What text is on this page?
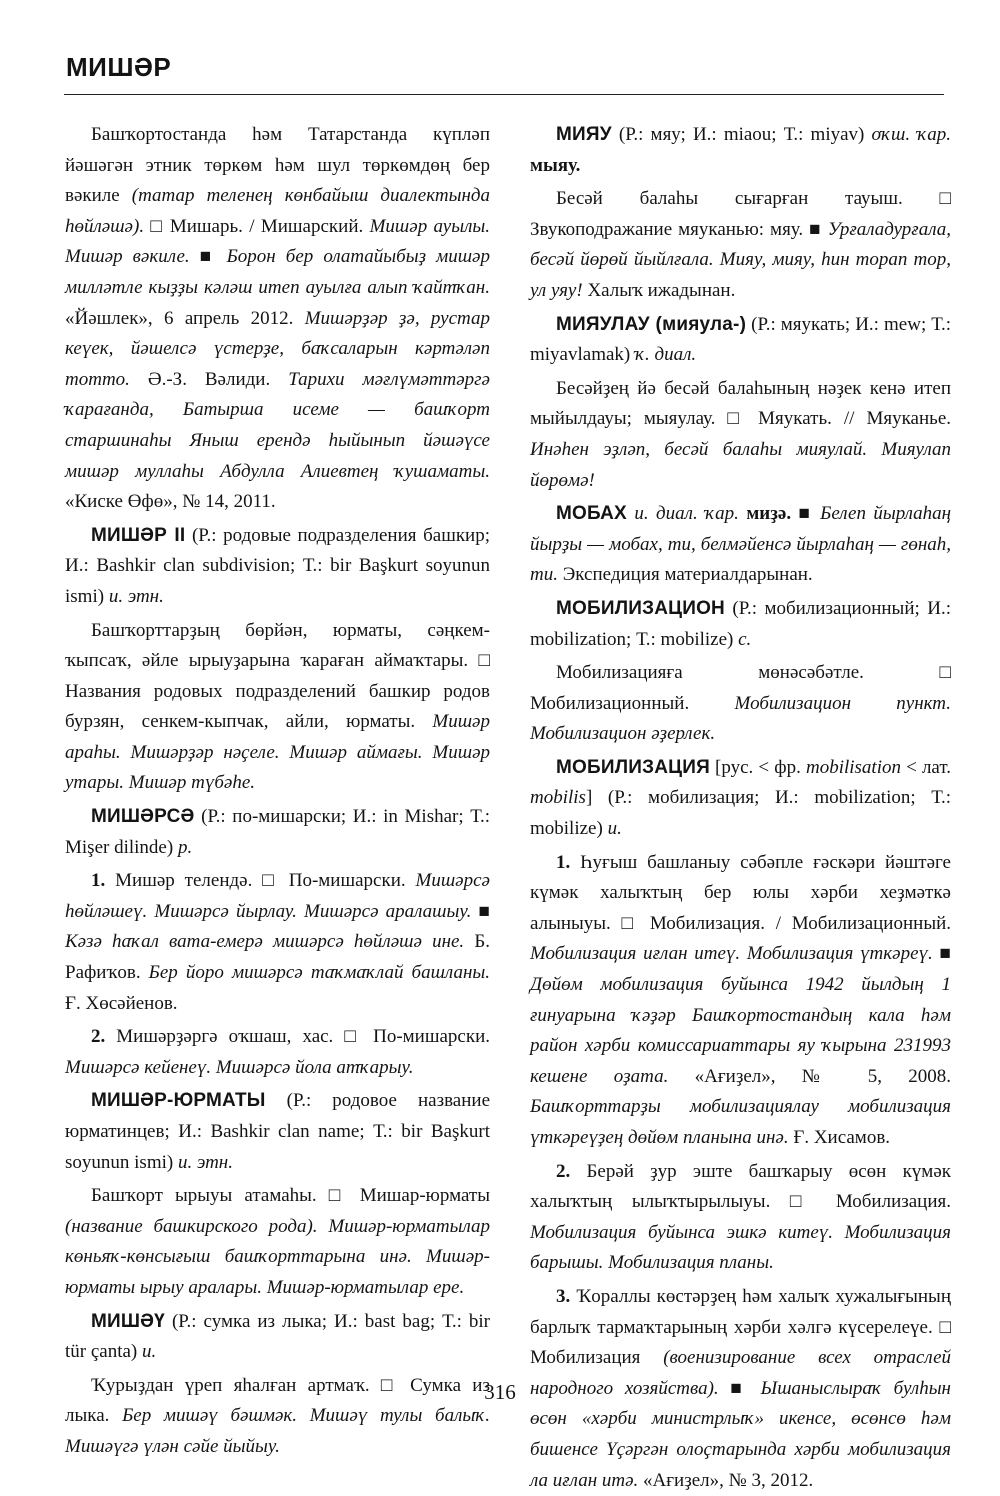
МИШӘР

Башҡортостанда һәм Татарстанда күпләп йәшәгән этник төркөм һәм шул төркөмдөң бер вәкиле (татар теленең көнбайыш диалектында һөйләшә). □ Мишарь. / Мишарский. Мишәр ауылы. Мишәр вәкиле. ■ Борон бер олатайыбыҙ мишәр милләтле кыҙҙы кәләш итеп ауылға алып ҡайтҡан. «Йәшлек», 6 апрель 2012. Мишәрҙәр ҙә, рустар кеүек, йәшелсә үстерҙе, баҡсаларын кәртәләп тотто. Ә.-З. Вәлиди. Тарихи мәғлүмәттәргә ҡарағанда, Батырша исеме — башҡорт старшинаһы Яныш ерендә һыйынып йәшәүсе мишәр муллаһы Абдулла Алиевтең ҡушаматы. «Киске Өфө», № 14, 2011.

МИШӘР II (Р.: родовые подразделения башкир; И.: Bashkir clan subdivision; Т.: bir Başkurt soyunun ismi) и. этн.

Башҡорттарҙың бөрйән, юрматы, сәңкем-ҡыпсаҡ, әйле ырыуҙарына ҡараған аймаҡтары. □ Названия родовых подразделений башкир родов бурзян, сенкем-кыпчак, айли, юрматы. Мишәр араһы. Мишәрҙәр нәҫеле. Мишәр аймағы. Мишәр утары. Мишәр түбәһе.

МИШӘРСӘ (Р.: по-мишарски; И.: in Mishar; Т.: Mişer dilinde) р.

1. Мишәр телендә. □ По-мишарски. Мишәрсә һөйләшеү. Мишәрсә йырлау. Мишәрсә аралашыу. ■ Кәзә һаҡал вата-емерә мишәрсә һөйләшә ине. Б. Рафиҡов. Бер йоро мишәрсә таҡмаҡлай башланы. Ғ. Хөсәйенов.

2. Мишәрҙәргә оҡшаш, хас. □ По-мишарски. Мишәрсә кейенеү. Мишәрсә йола атҡарыу.

МИШӘР-ЮРМАТЫ (Р.: родовое название юрматинцев; И.: Bashkir clan name; Т.: bir Başkurt soyunun ismi) и. этн.

Башҡорт ырыуы атамаһы. □ Мишар-юрматы (название башкирского рода). Мишәр-юрматылар көньяҡ-көнсығыш башҡорттарына инә. Мишәр-юрматы ырыу аралары. Мишәр-юрматылар ере.

МИШӘҮ (Р.: сумка из лыка; И.: bast bag; Т.: bir tür çanta) и.

Ҡурыҙдан үреп яһалған артмаҡ. □ Сумка из лыка. Бер мишәү бәшмәк. Мишәү тулы балыҡ. Мишәүгә үлән сәйе йыйыу.

МИЯУ (Р.: мяу; И.: miaou; Т.: miyav) оҡш. ҡар. мыяу.

Бесәй балаһы сығарған тауыш. □ Звукоподражание мяуканью: мяу. ■ Урғаладурғала, бесәй йөрөй йыйлғала. Мияу, мияу, һин торап тор, ул уяу! Халыҡ ижадынан.

МИЯУЛАУ (мияула-) (Р.: мяукать; И.: mew; Т.: miyavlamak) ҡ. диал.

Бесәйҙең йә бесәй балаһының нәҙек кенә итеп мыйылдауы; мыяулау. □ Мяукать. // Мяуканье. Инәһен эҙләп, бесәй балаһы мияулай. Мияулап йөрөмә!

МОБАХ и. диал. ҡар. миҙә. ■ Белеп йырлаһаң йырҙы — мобах, ти, белмәйенсә йырлаһаң — гөнаһ, ти. Экспедиция материалдарынан.

МОБИЛИЗАЦИОН (Р.: мобилизационный; И.: mobilization; Т.: mobilize) с.

Мобилизацияға мөнәсәбәтле. □ Мобилизационный. Мобилизацион пункт. Мобилизацион әҙерлек.

МОБИЛИЗАЦИЯ [рус. < фр. mobilisation < лат. mobilis] (Р.: мобилизация; И.: mobilization; Т.: mobilize) и.

1. Һуғыш башланыу сәбәпле ғәскәри йәштәге күмәк халыҡтың бер юлы хәрби хеҙмәткә алыныуы. □ Мобилизация. / Мобилизационный. Мобилизация иғлан итеү. Мобилизация үткәреү. ■ Дөйөм мобилизация буйынса 1942 йылдың 1 ғинуарына ҡәҙәр Башҡортостандың кала һәм район хәрби комиссариаттары яу ҡырына 231993 кешене оҙата. «Ағиҙел», № 5, 2008. Башҡорттарҙы мобилизациялау мобилизация үткәреүҙең дөйөм планына инә. Ғ. Хисамов.

2. Берәй ҙур эште башҡарыу өсөн күмәк халыҡтың ылыҡтырылыуы. □ Мобилизация. Мобилизация буйынса эшкә китеү. Мобилизация барышы. Мобилизация планы.

3. Ҡораллы көстәрҙең һәм халыҡ хужалығының барлыҡ тармаҡтарының хәрби хәлгә күсерелеүе. □ Мобилизация (военизирование всех отраслей народного хозяйства). ■ Ышаныслыраҡ булһын өсөн «хәрби министрлыҡ» икенсе, өсөнсө һәм бишенсе Үҫәргән олоҫтарында хәрби мобилизация ла иғлан итә. «Ағиҙел», № 3, 2012.

316
